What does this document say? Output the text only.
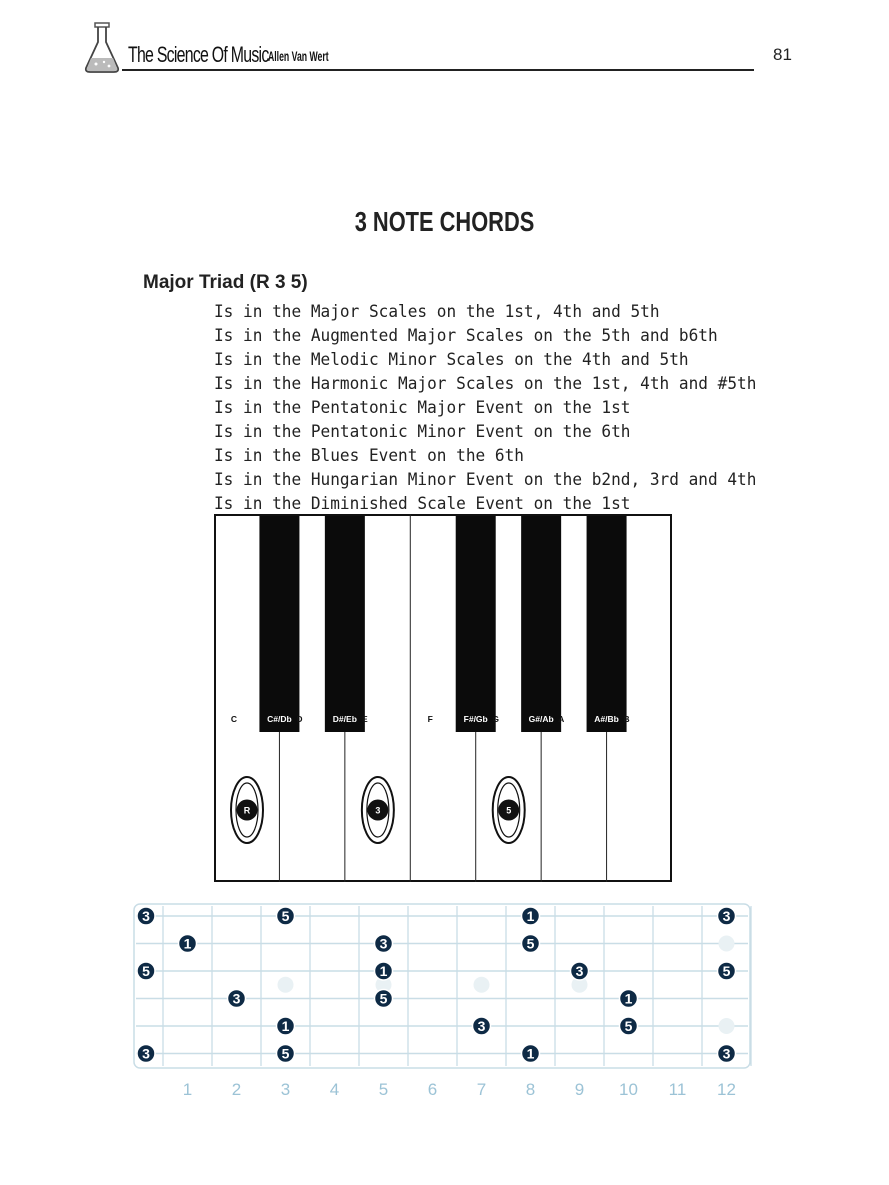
The Science Of Music Allen Van Wert	81
3 NOTE CHORDS
Major Triad (R 3 5)
Is in the Major Scales on the 1st, 4th and 5th
Is in the Augmented Major Scales on the 5th and b6th
Is in the Melodic Minor Scales on the 4th and 5th
Is in the Harmonic Major Scales on the 1st, 4th and #5th
Is in the Pentatonic Major Event on the 1st
Is in the Pentatonic Minor Event on the 6th
Is in the Blues Event on the 6th
Is in the Hungarian Minor Event on the b2nd, 3rd and 4th
Is in the Diminished Scale Event on the 1st
C	D	E	F	G	A	B
C#/Db	D#/Eb	F#/Gb	G#/Ab	A#/Bb
R	3	5
3
5
3
5	1	3
1	3	5
1	3	5
3	5	1
1	3	5
5	1	3
1 2 3 4 5 6 7 8 9 10 11 12
